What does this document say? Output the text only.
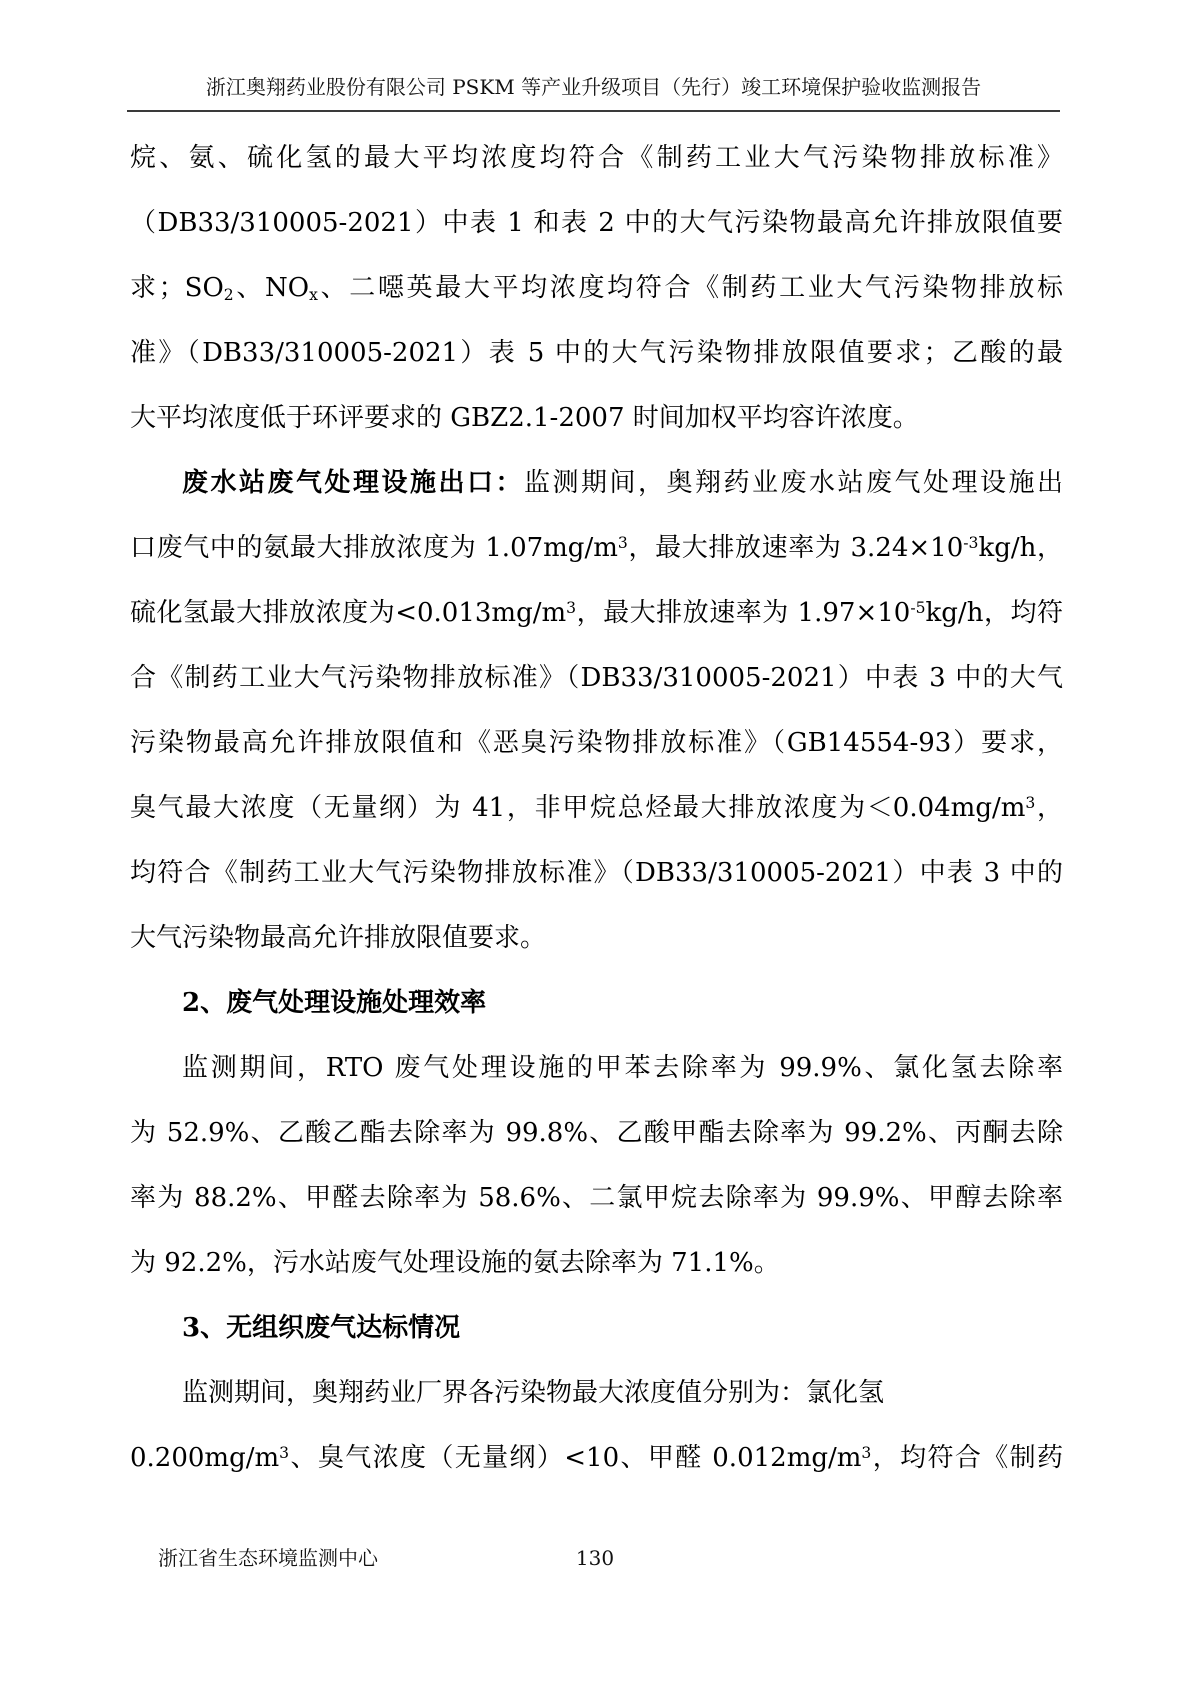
浙江奥翔药业股份有限公司 PSKM 等产业升级项目（先行）竣工环境保护验收监测报告
烷、氨、硫化氢的最大平均浓度均符合《制药工业大气污染物排放标准》
（DB33/310005-2021）中表 1 和表 2 中的大气污染物最高允许排放限值要
求；$SO_2$、$NO_x$、二噁英最大平均浓度均符合《制药工业大气污染物排放标
准》（DB33/310005-2021）表 5 中的大气污染物排放限值要求；乙酸的最
大平均浓度低于环评要求的 GBZ2.1-2007 时间加权平均容许浓度。
废水站废气处理设施出口：监测期间，奥翔药业废水站废气处理设施出
口废气中的氨最大排放浓度为 $1.07mg/m^3$，最大排放速率为 $3.24\times 10^{-3}kg/h$，
硫化氢最大排放浓度为$<0.013mg/m^3$，最大排放速率为 $1.97\times 10^{-5}kg/h$，均符
合《制药工业大气污染物排放标准》（DB33/310005-2021）中表 3 中的大气
污染物最高允许排放限值和《恶臭污染物排放标准》（GB14554-93）要求，
臭气最大浓度（无量纲）为 41，非甲烷总烃最大排放浓度为$<0.04mg/m^3$，
均符合《制药工业大气污染物排放标准》（DB33/310005-2021）中表 3 中的
大气污染物最高允许排放限值要求。
2、废气处理设施处理效率
监测期间，RTO 废气处理设施的甲苯去除率为 99.9%、氯化氢去除率
为 52.9%、乙酸乙酯去除率为 99.8%、乙酸甲酯去除率为 99.2%、丙酮去除
率为 88.2%、甲醛去除率为 58.6%、二氯甲烷去除率为 99.9%、甲醇去除率
为 92.2%，污水站废气处理设施的氨去除率为 71.1%。
3、无组织废气达标情况
监测期间，奥翔药业厂界各污染物最大浓度值分别为：氯化氢
$0.200mg/m^3$、臭气浓度（无量纲）<10、甲醛 $0.012mg/m^3$，均符合《制药
130
浙江省生态环境监测中心
